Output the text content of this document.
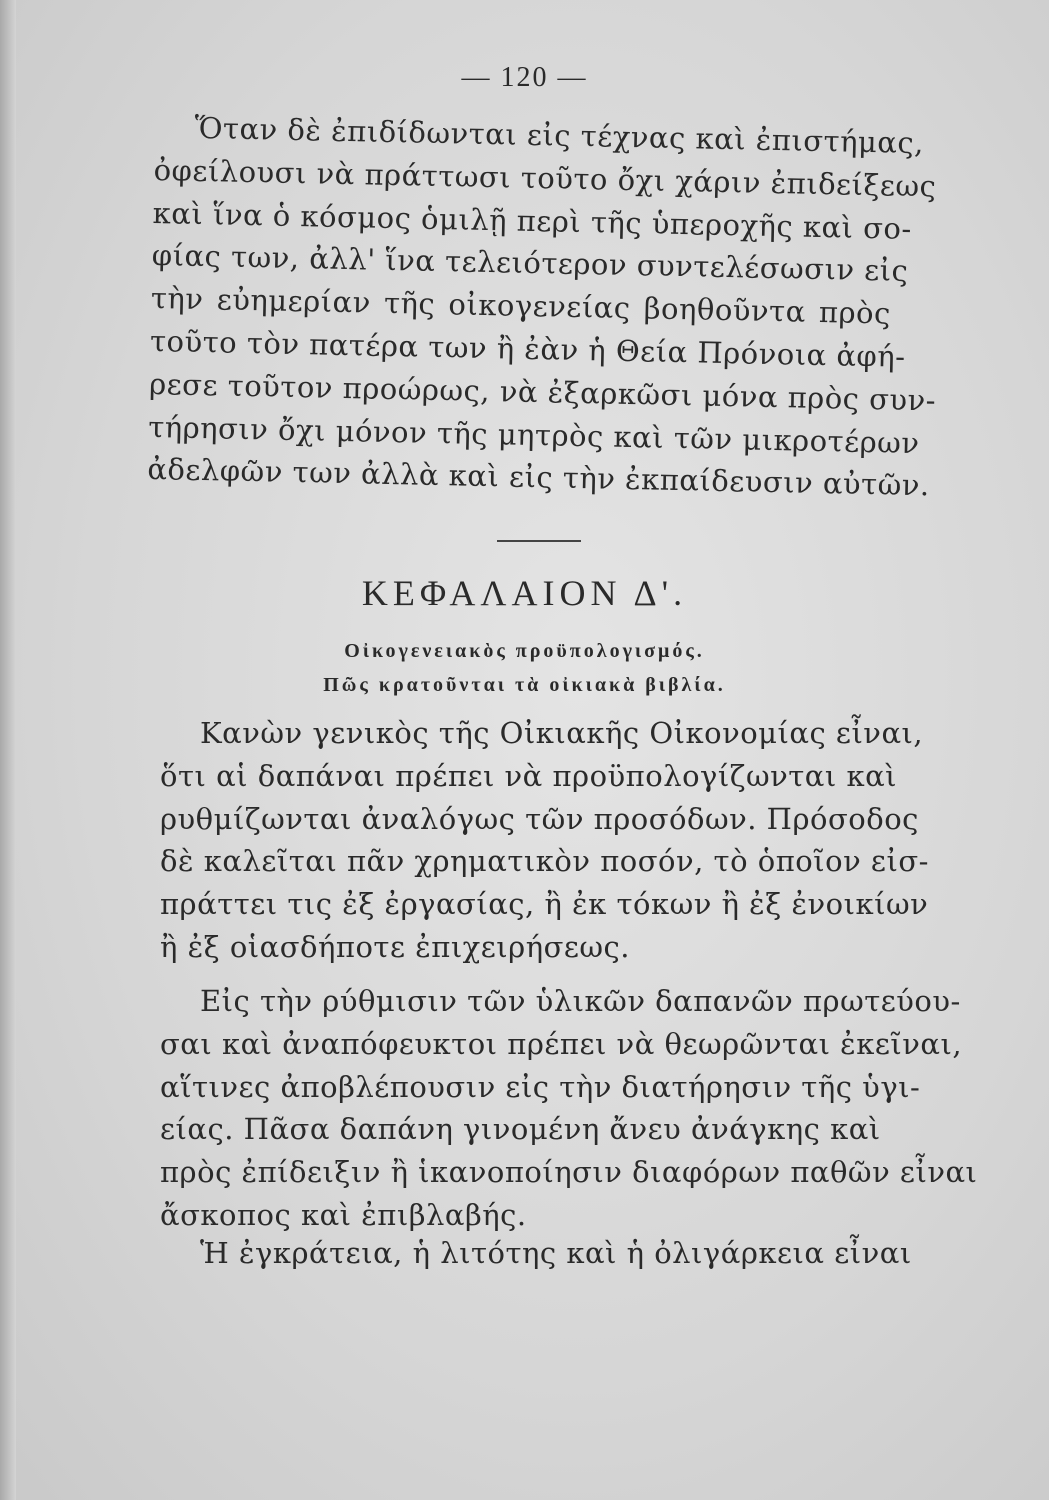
— 120 —
Ὅταν δὲ ἐπιδίδωνται εἰς τέχνας καὶ ἐπιστήμας,
ὀφείλουσι νὰ πράττωσι τοῦτο ὄχι χάριν ἐπιδείξεως
καὶ ἵνα ὁ κόσμος ὁμιλῇ περὶ τῆς ὑπεροχῆς καὶ σο-
φίας των, ἀλλ' ἵνα τελειότερον συντελέσωσιν εἰς
τὴν εὐημερίαν τῆς οἰκογενείας βοηθοῦντα πρὸς
τοῦτο τὸν πατέρα των ἢ ἐὰν ἡ Θεία Πρόνοια ἀφή-
ρεσε τοῦτον προώρως, νὰ ἐξαρκῶσι μόνα πρὸς συν-
τήρησιν ὄχι μόνον τῆς μητρὸς καὶ τῶν μικροτέρων
ἀδελφῶν των ἀλλὰ καὶ εἰς τὴν ἐκπαίδευσιν αὐτῶν.
ΚΕΦΑΛΑΙΟΝ Δ'.
Οἰκογενειακὸς προϋπολογισμός.
Πῶς κρατοῦνται τὰ οἰκιακὰ βιβλία.
Κανὼν γενικὸς τῆς Οἰκιακῆς Οἰκονομίας εἶναι,
ὅτι αἱ δαπάναι πρέπει νὰ προϋπολογίζωνται καὶ
ρυθμίζωνται ἀναλόγως τῶν προσόδων. Πρόσοδος
δὲ καλεῖται πᾶν χρηματικὸν ποσόν, τὸ ὁποῖον εἰσ-
πράττει τις ἐξ ἐργασίας, ἢ ἐκ τόκων ἢ ἐξ ἐνοικίων
ἢ ἐξ οἱασδήποτε ἐπιχειρήσεως.
Εἰς τὴν ρύθμισιν τῶν ὑλικῶν δαπανῶν πρωτεύου-
σαι καὶ ἀναπόφευκτοι πρέπει νὰ θεωρῶνται ἐκεῖναι,
αἵτινες ἀποβλέπουσιν εἰς τὴν διατήρησιν τῆς ὑγι-
είας. Πᾶσα δαπάνη γινομένη ἄνευ ἀνάγκης καὶ
πρὸς ἐπίδειξιν ἢ ἱκανοποίησιν διαφόρων παθῶν εἶναι
ἄσκοπος καὶ ἐπιβλαβής.
Ἡ ἐγκράτεια, ἡ λιτότης καὶ ἡ ὀλιγάρκεια εἶναι
